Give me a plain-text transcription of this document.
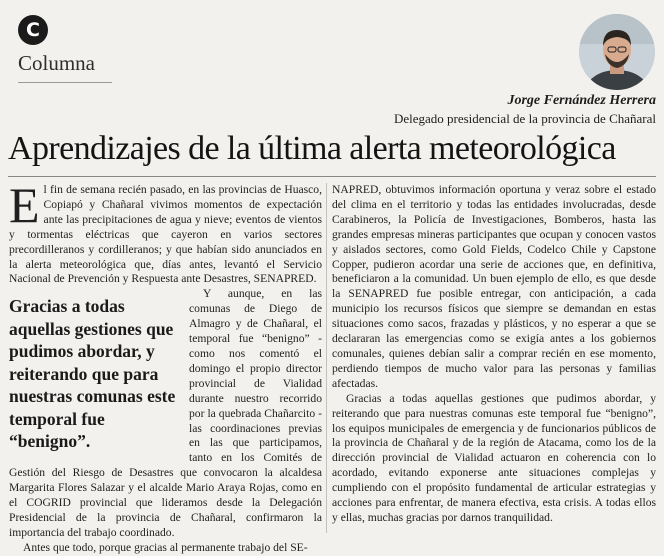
C
Columna
Jorge Fernández Herrera
Delegado presidencial de la provincia de Chañaral
Aprendizajes de la última alerta meteorológica

El fin de semana recién pasado, en las provincias de Huasco, Copiapó y Chañaral vivimos momentos de expectación ante las precipitaciones de agua y nieve; eventos de vientos y tormentas eléctricas que cayeron en varios sectores precordilleranos y cordilleranos; y que habían sido anunciados en la alerta meteorológica que, días antes, levantó el Servicio Nacional de Prevención y Respuesta ante Desastres, SENAPRED.

Gracias a todas aquellas gestiones que pudimos abordar, y reiterando que para nuestras comunas este temporal fue “benigno”.

Y aunque, en las comunas de Diego de Almagro y de Chañaral, el temporal fue “benigno” -como nos comentó el domingo el propio director provincial de Vialidad durante nuestro recorrido por la quebrada Chañarcito - las coordinaciones previas en las que participamos, tanto en los Comités de Gestión del Riesgo de Desastres que convocaron la alcaldesa Margarita Flores Salazar y el alcalde Mario Araya Rojas, como en el COGRID provincial que lideramos desde la Delegación Presidencial de la provincia de Chañaral, confirmaron la importancia del trabajo coordinado.

Antes que todo, porque gracias al permanente trabajo del SE-

NAPRED, obtuvimos información oportuna y veraz sobre el estado del clima en el territorio y todas las entidades involucradas, desde Carabineros, la Policía de Investigaciones, Bomberos, hasta las grandes empresas mineras participantes que ocupan y conocen vastos y aislados sectores, como Gold Fields, Codelco Chile y Capstone Copper, pudieron acordar una serie de acciones que, en definitiva, beneficiaron a la comunidad. Un buen ejemplo de ello, es que desde la SENAPRED fue posible entregar, con anticipación, a cada municipio los recursos físicos que siempre se demandan en estas situaciones como sacos, frazadas y plásticos, y no esperar a que se declararan las emergencias como se exigía antes a los gobiernos comunales, quienes debían salir a comprar recién en ese momento, perdiendo tiempos de mucho valor para las personas y familias afectadas.

Gracias a todas aquellas gestiones que pudimos abordar, y reiterando que para nuestras comunas este temporal fue “benigno”, los equipos municipales de emergencia y de funcionarios públicos de la provincia de Chañaral y de la región de Atacama, como los de la dirección provincial de Vialidad actuaron en coherencia con lo acordado, evitando exponerse ante situaciones complejas y cumpliendo con el propósito fundamental de articular estrategias y acciones para enfrentar, de manera efectiva, esta crisis. A todas ellos y ellas, muchas gracias por darnos tranquilidad.
